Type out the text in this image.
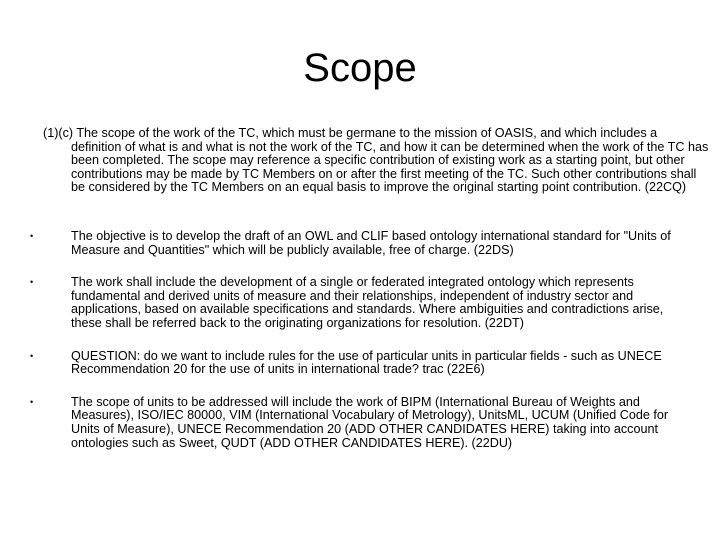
Scope

(1)(c) The scope of the work of the TC, which must be germane to the mission of OASIS, and which includes a definition of what is and what is not the work of the TC, and how it can be determined when the work of the TC has been completed. The scope may reference a specific contribution of existing work as a starting point, but other contributions may be made by TC Members on or after the first meeting of the TC. Such other contributions shall be considered by the TC Members on an equal basis to improve the original starting point contribution. (22CQ)

•	The objective is to develop the draft of an OWL and CLIF based ontology international standard for "Units of Measure and Quantities" which will be publicly available, free of charge. (22DS)
•	The work shall include the development of a single or federated integrated ontology which represents fundamental and derived units of measure and their relationships, independent of industry sector and applications, based on available specifications and standards. Where ambiguities and contradictions arise, these shall be referred back to the originating organizations for resolution. (22DT)
•	QUESTION: do we want to include rules for the use of particular units in particular fields - such as UNECE Recommendation 20 for the use of units in international trade? trac (22E6)
•	The scope of units to be addressed will include the work of BIPM (International Bureau of Weights and Measures), ISO/IEC 80000, VIM (International Vocabulary of Metrology), UnitsML, UCUM (Unified Code for Units of Measure), UNECE Recommendation 20 (ADD OTHER CANDIDATES HERE) taking into account ontologies such as Sweet, QUDT (ADD OTHER CANDIDATES HERE). (22DU)
